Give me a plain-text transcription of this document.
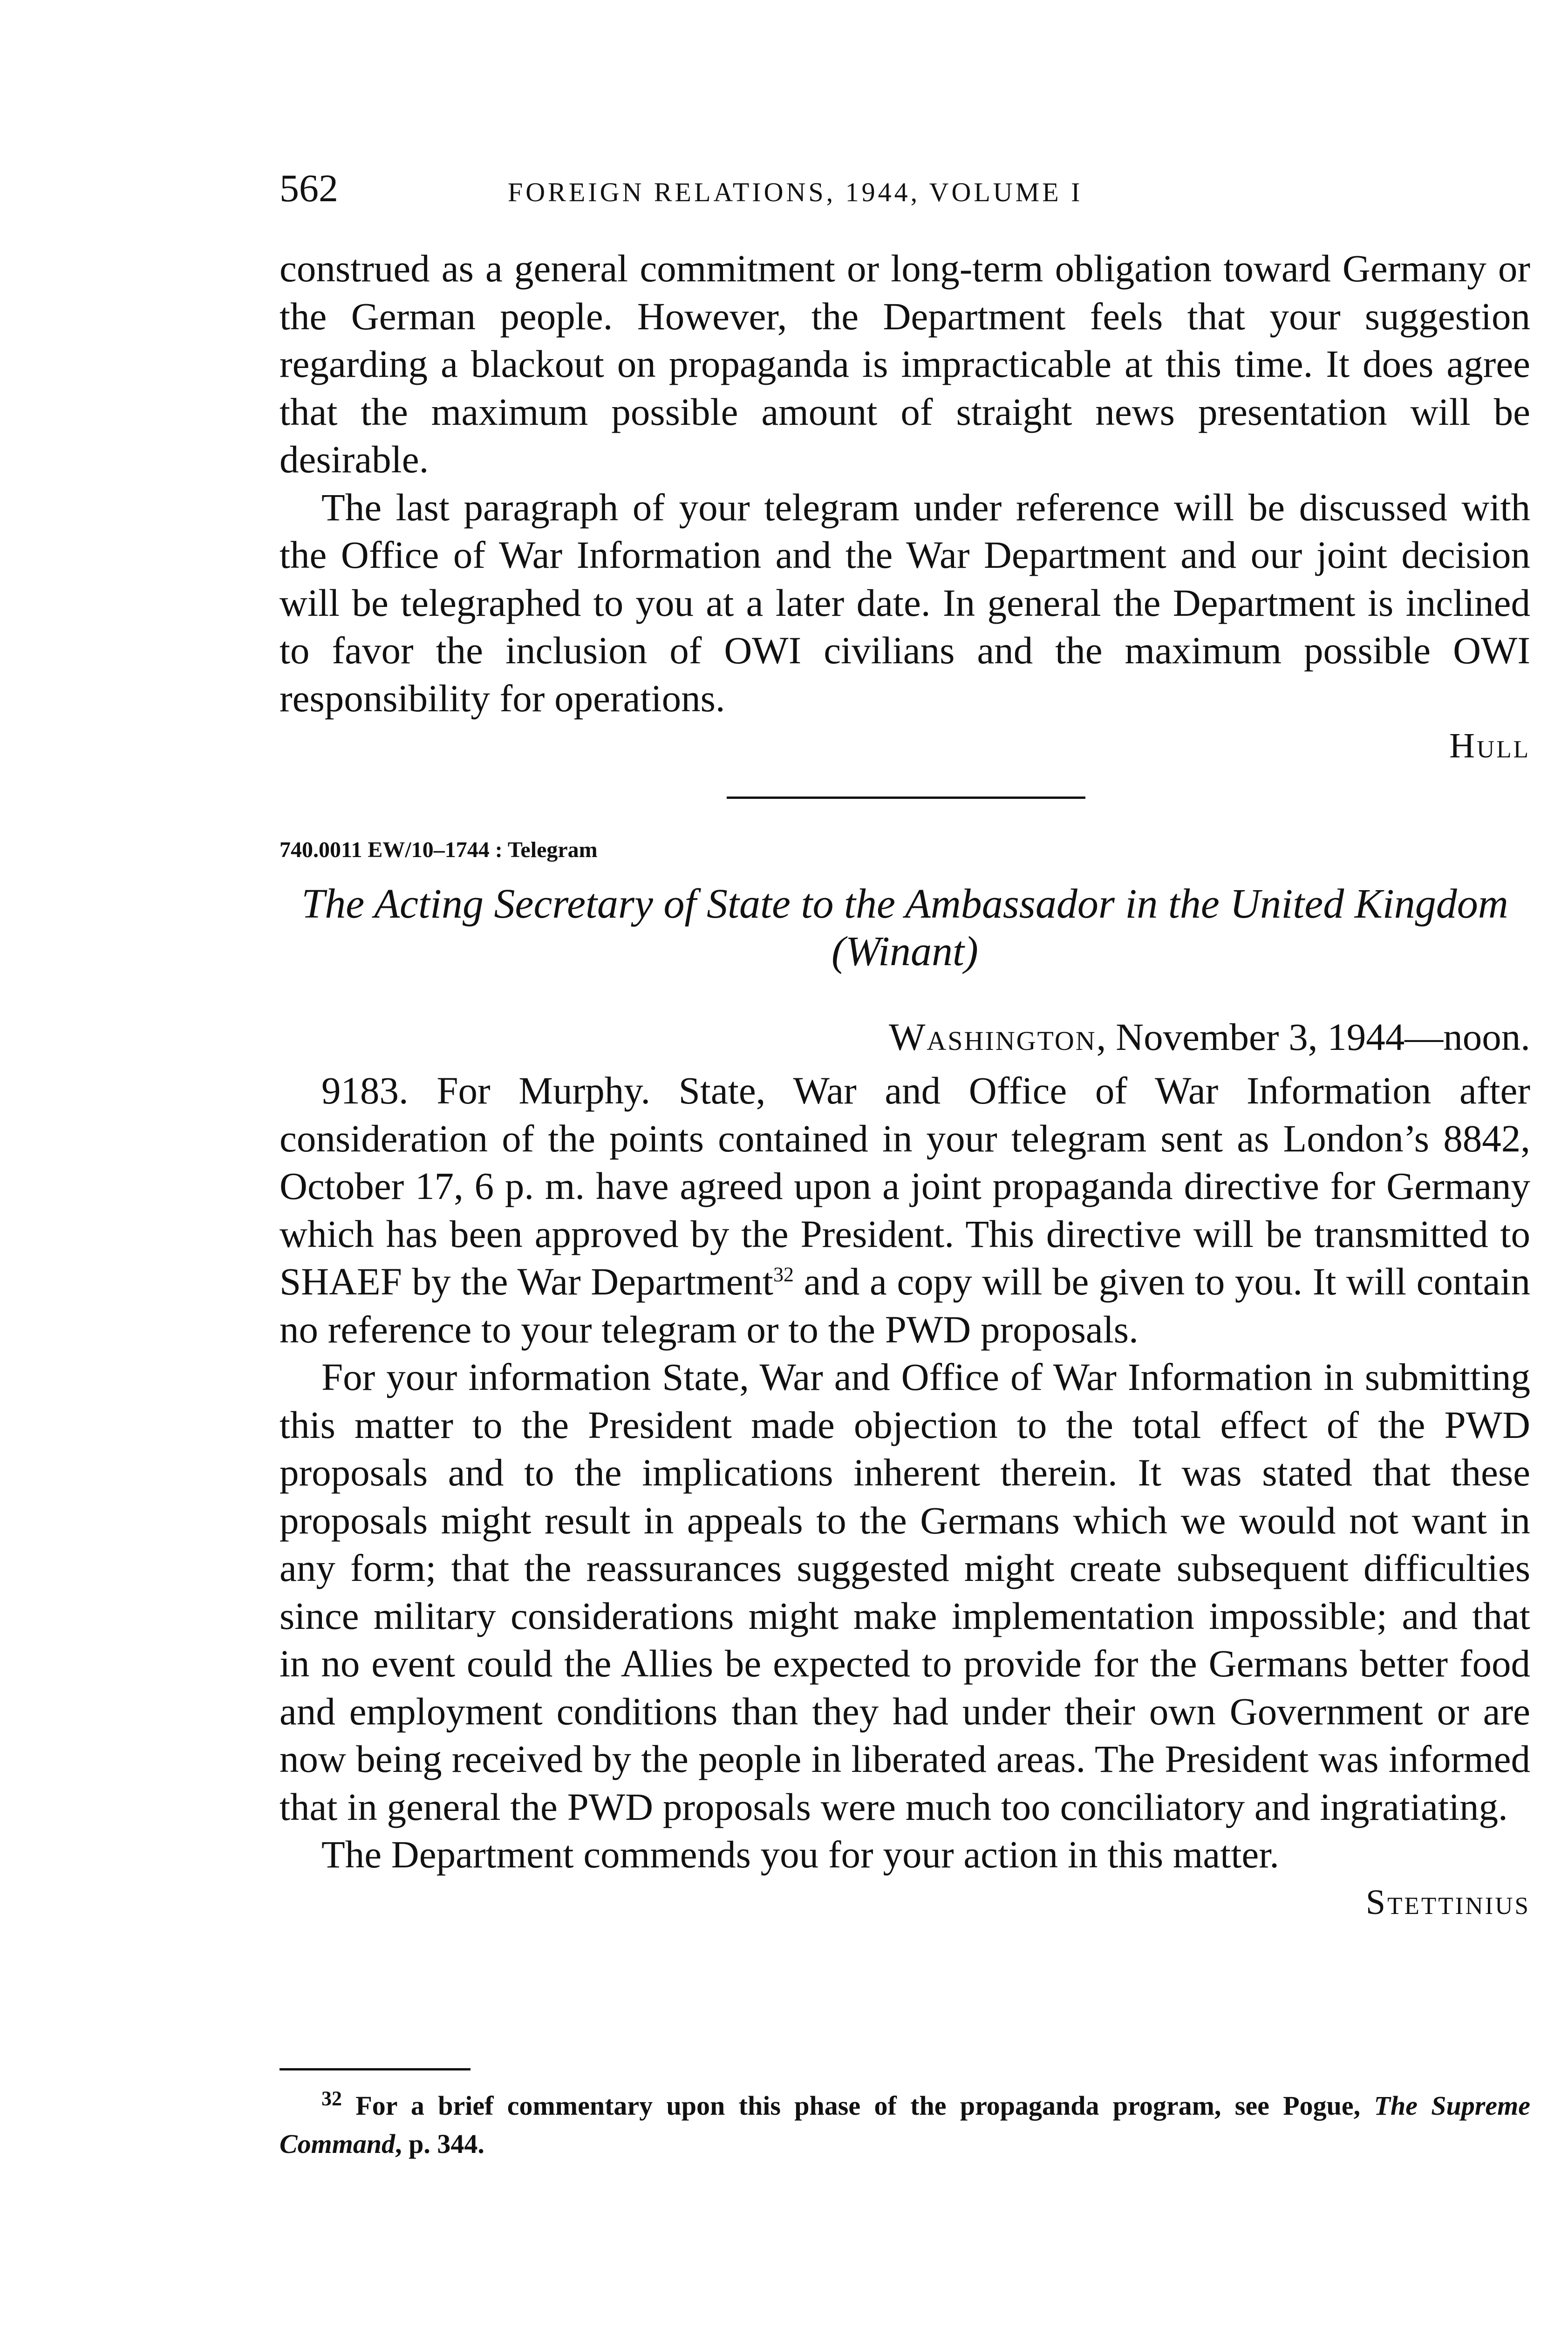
562	FOREIGN RELATIONS, 1944, VOLUME I

construed as a general commitment or long-term obligation toward Germany or the German people. However, the Department feels that your suggestion regarding a blackout on propaganda is impracticable at this time. It does agree that the maximum possible amount of straight news presentation will be desirable.

The last paragraph of your telegram under reference will be discussed with the Office of War Information and the War Department and our joint decision will be telegraphed to you at a later date. In general the Department is inclined to favor the inclusion of OWI civilians and the maximum possible OWI responsibility for operations.

Hull

740.0011 EW/10–1744 : Telegram
The Acting Secretary of State to the Ambassador in the United Kingdom (Winant)
Washington, November 3, 1944—noon.

9183. For Murphy. State, War and Office of War Information after consideration of the points contained in your telegram sent as London’s 8842, October 17, 6 p. m. have agreed upon a joint propaganda directive for Germany which has been approved by the President. This directive will be transmitted to SHAEF by the War Department$^{32}$ and a copy will be given to you. It will contain no reference to your telegram or to the PWD proposals.

For your information State, War and Office of War Information in submitting this matter to the President made objection to the total effect of the PWD proposals and to the implications inherent therein. It was stated that these proposals might result in appeals to the Germans which we would not want in any form; that the reassurances suggested might create subsequent difficulties since military considerations might make implementation impossible; and that in no event could the Allies be expected to provide for the Germans better food and employment conditions than they had under their own Government or are now being received by the people in liberated areas. The President was informed that in general the PWD proposals were much too conciliatory and ingratiating.

The Department commends you for your action in this matter.

Stettinius

$^{32}$ For a brief commentary upon this phase of the propaganda program, see Pogue, The Supreme Command, p. 344.
